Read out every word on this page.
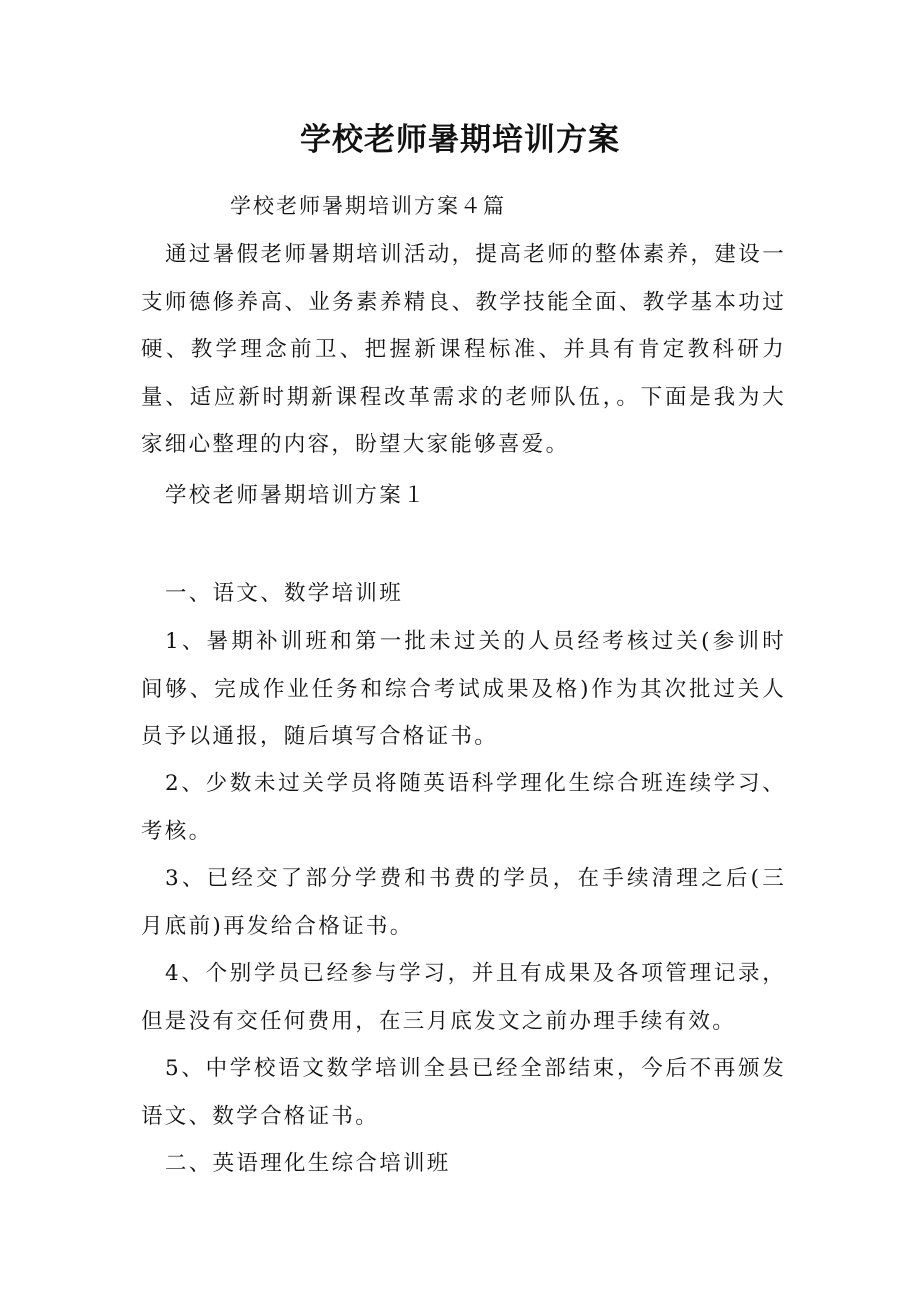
学校老师暑期培训方案
学校老师暑期培训方案４篇
通过暑假老师暑期培训活动，提高老师的整体素养，建设一支师德修养高、业务素养精良、教学技能全面、教学基本功过硬、教学理念前卫、把握新课程标准、并具有肯定教科研力量、适应新时期新课程改革需求的老师队伍，。下面是我为大家细心整理的内容，盼望大家能够喜爱。
学校老师暑期培训方案１
一、语文、数学培训班
1、暑期补训班和第一批未过关的人员经考核过关(参训时间够、完成作业任务和综合考试成果及格)作为其次批过关人员予以通报，随后填写合格证书。
2、少数未过关学员将随英语科学理化生综合班连续学习、考核。
3、已经交了部分学费和书费的学员，在手续清理之后(三月底前)再发给合格证书。
4、个别学员已经参与学习，并且有成果及各项管理记录，但是没有交任何费用，在三月底发文之前办理手续有效。
5、中学校语文数学培训全县已经全部结束，今后不再颁发语文、数学合格证书。
二、英语理化生综合培训班
